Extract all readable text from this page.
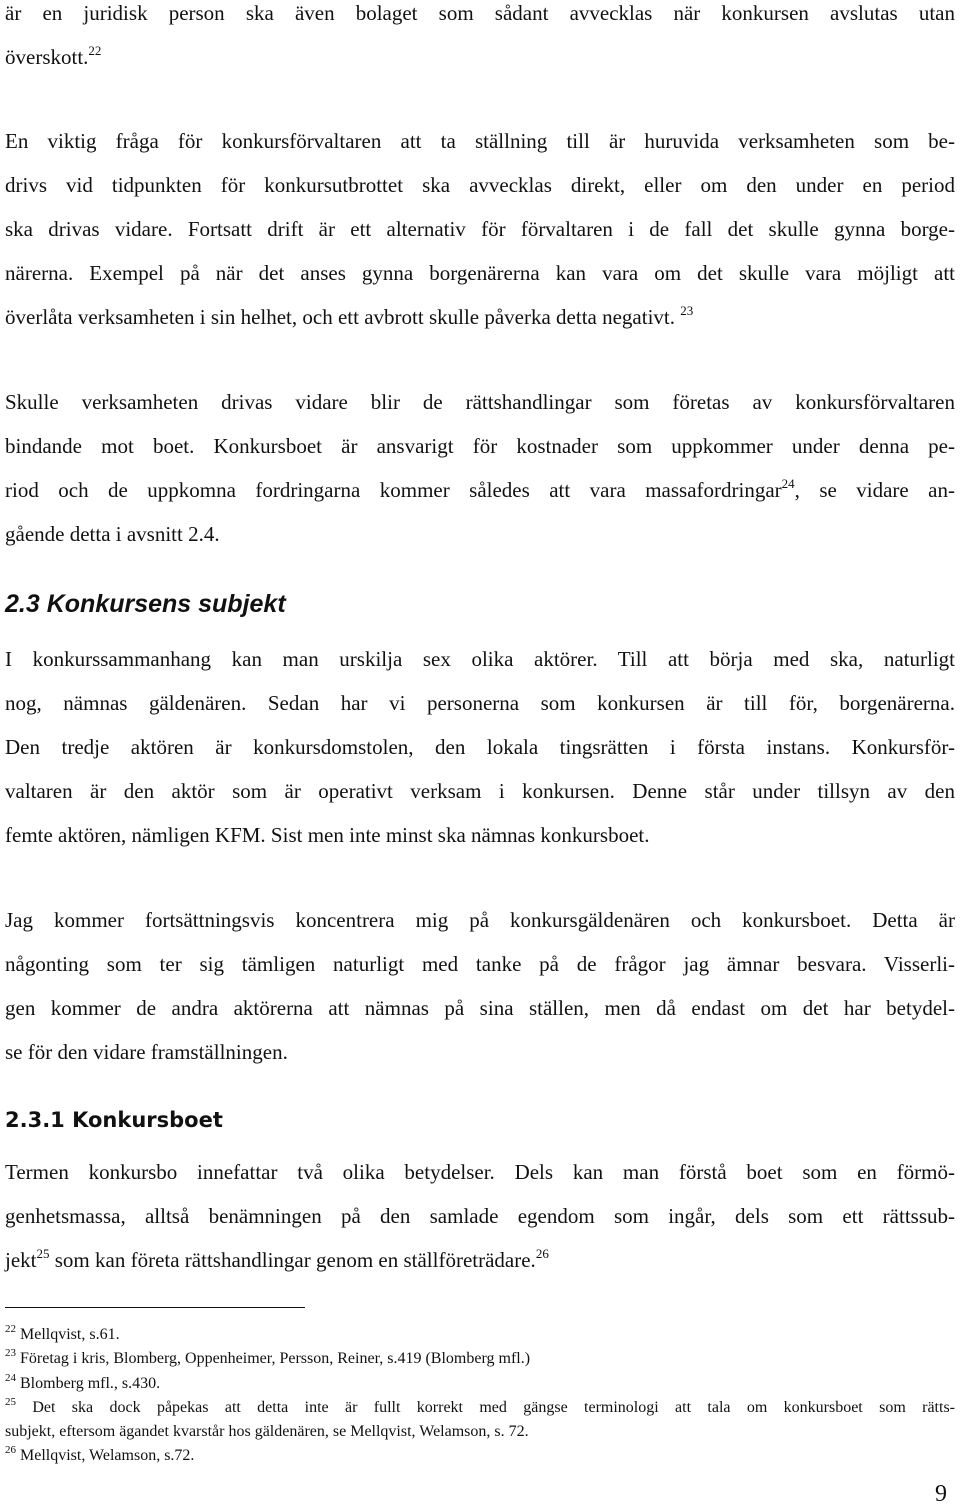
är en juridisk person ska även bolaget som sådant avvecklas när konkursen avslutas utan
överskott.$^{22}$
En viktig fråga för konkursförvaltaren att ta ställning till är huruvida verksamheten som be-
drivs vid tidpunkten för konkursutbrottet ska avvecklas direkt, eller om den under en period
ska drivas vidare. Fortsatt drift är ett alternativ för förvaltaren i de fall det skulle gynna borge-
närerna. Exempel på när det anses gynna borgenärerna kan vara om det skulle vara möjligt att
överlåta verksamheten i sin helhet, och ett avbrott skulle påverka detta negativt. $^{23}$
Skulle verksamheten drivas vidare blir de rättshandlingar som företas av konkursförvaltaren
bindande mot boet. Konkursboet är ansvarigt för kostnader som uppkommer under denna pe-
riod och de uppkomna fordringarna kommer således att vara massafordringar$^{24}$, se vidare an-
gående detta i avsnitt 2.4.
2.3 Konkursens subjekt
I konkurssammanhang kan man urskilja sex olika aktörer. Till att börja med ska, naturligt
nog, nämnas gäldenären. Sedan har vi personerna som konkursen är till för, borgenärerna.
Den tredje aktören är konkursdomstolen, den lokala tingsrätten i första instans. Konkursför-
valtaren är den aktör som är operativt verksam i konkursen. Denne står under tillsyn av den
femte aktören, nämligen KFM. Sist men inte minst ska nämnas konkursboet.
Jag kommer fortsättningsvis koncentrera mig på konkursgäldenären och konkursboet. Detta är
någonting som ter sig tämligen naturligt med tanke på de frågor jag ämnar besvara. Visserli-
gen kommer de andra aktörerna att nämnas på sina ställen, men då endast om det har betydel-
se för den vidare framställningen.
2.3.1 Konkursboet
Termen konkursbo innefattar två olika betydelser. Dels kan man förstå boet som en förmö-
genhetsmassa, alltså benämningen på den samlade egendom som ingår, dels som ett rättssub-
jekt$^{25}$ som kan företa rättshandlingar genom en ställföreträdare.$^{26}$
$^{22}$ Mellqvist, s.61.
$^{23}$ Företag i kris, Blomberg, Oppenheimer, Persson, Reiner, s.419 (Blomberg mfl.)
$^{24}$ Blomberg mfl., s.430.
$^{25}$ Det ska dock påpekas att detta inte är fullt korrekt med gängse terminologi att tala om konkursboet som rätts-
subjekt, eftersom ägandet kvarstår hos gäldenären, se Mellqvist, Welamson, s. 72.
$^{26}$ Mellqvist, Welamson, s.72.
9
